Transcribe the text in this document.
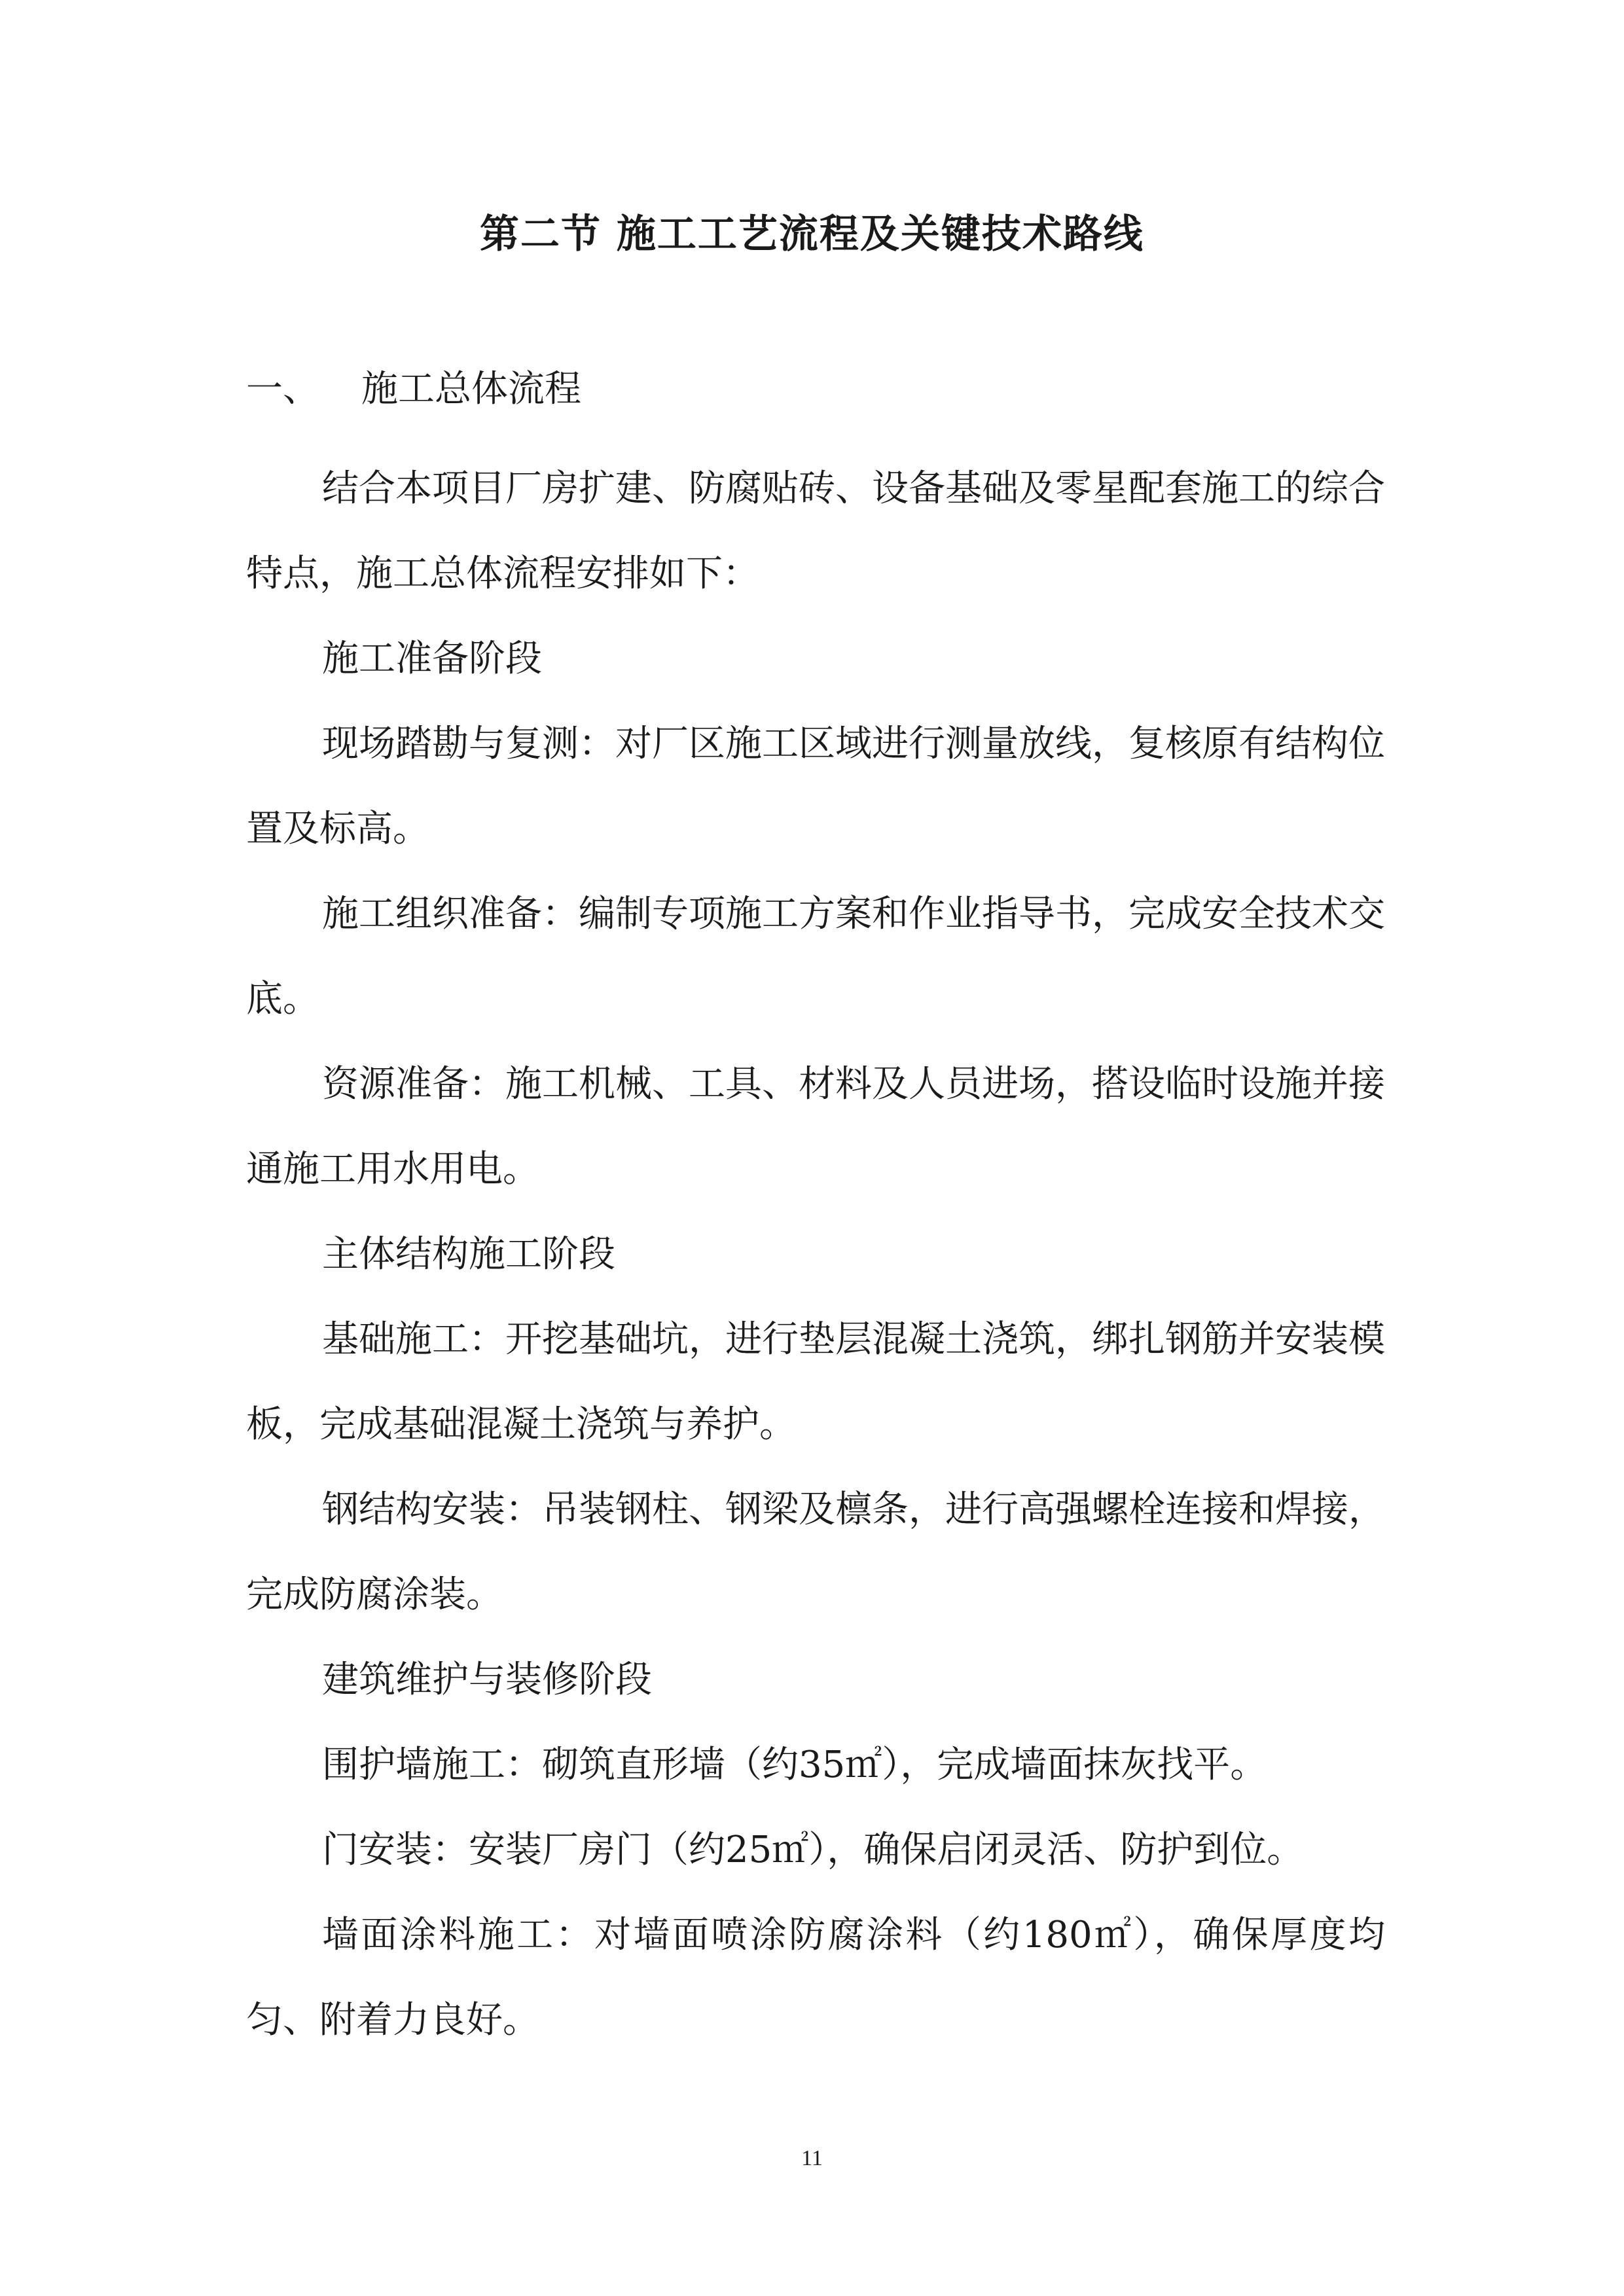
第二节 施工工艺流程及关键技术路线
一、 施工总体流程

结合本项目厂房扩建、防腐贴砖、设备基础及零星配套施工的综合特点，施工总体流程安排如下：

施工准备阶段

现场踏勘与复测：对厂区施工区域进行测量放线，复核原有结构位置及标高。

施工组织准备：编制专项施工方案和作业指导书，完成安全技术交底。

资源准备：施工机械、工具、材料及人员进场，搭设临时设施并接通施工用水用电。

主体结构施工阶段

基础施工：开挖基础坑，进行垫层混凝土浇筑，绑扎钢筋并安装模板，完成基础混凝土浇筑与养护。

钢结构安装：吊装钢柱、钢梁及檩条，进行高强螺栓连接和焊接，完成防腐涂装。

建筑维护与装修阶段

围护墙施工：砌筑直形墙（约35㎡），完成墙面抹灰找平。

门安装：安装厂房门（约25㎡），确保启闭灵活、防护到位。

墙面涂料施工：对墙面喷涂防腐涂料（约180㎡），确保厚度均匀、附着力良好。

11
